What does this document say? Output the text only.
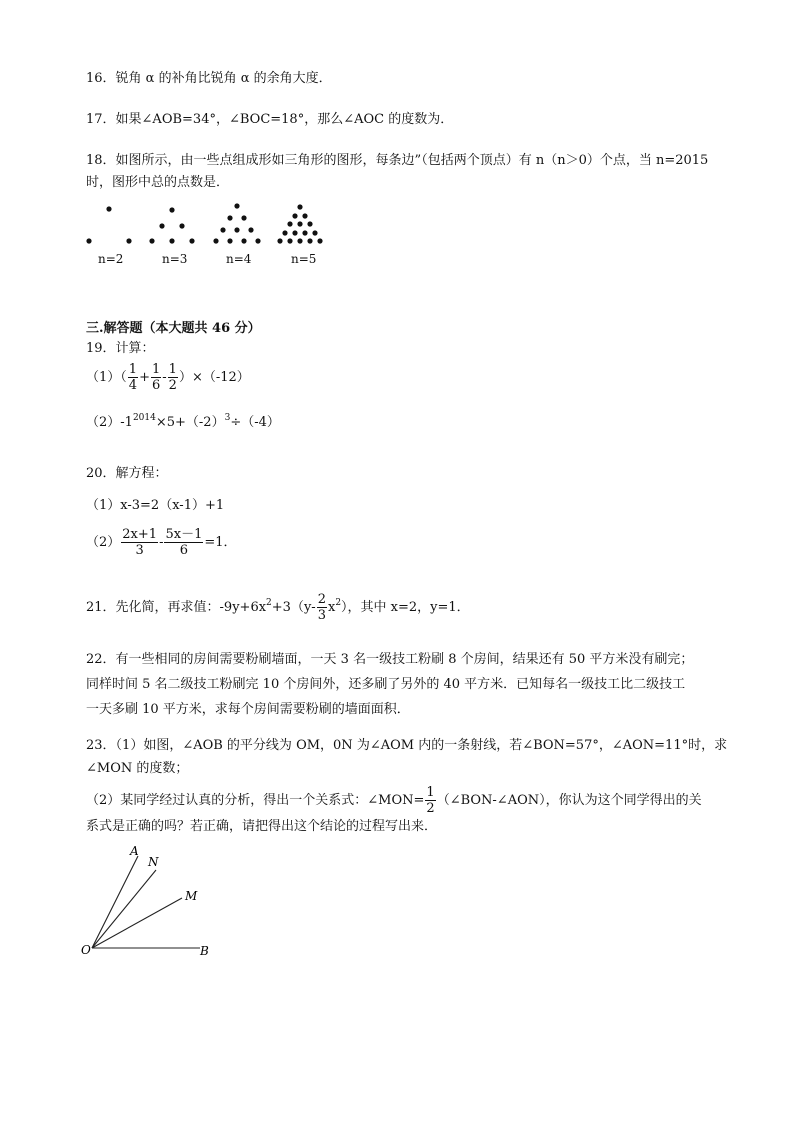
16．锐角 α 的补角比锐角 α 的余角大度．
17．如果∠AOB=34°，∠BOC=18°，那么∠AOC 的度数为．
18．如图所示，由一些点组成形如三角形的图形，每条边”（包括两个顶点）有 n（n＞0）个点，当 n=2015
时，图形中总的点数是．
n=2	n=3	n=4	n=5
三.解答题（本大题共 46 分）
19．计算：
$(1)( \frac{1}{4} + \frac{1}{6} - \frac{1}{2} )\times(-12)$
$(2)-1^{2014}\times 5+(-2)^3\div(-4)$
20．解方程：
（1）x-3=2（x-1）+1
$(2) \frac{2x+1}{3} - \frac{5x-1}{6} =1$．
21．先化简，再求值：$-9y+6x^2+3(y- \frac{2}{3} x^2)$，其中 x=2，y=1．
22．有一些相同的房间需要粉刷墙面，一天 3 名一级技工粉刷 8 个房间，结果还有 50 平方米没有刷完；
同样时间 5 名二级技工粉刷完 10 个房间外，还多刷了另外的 40 平方米．已知每名一级技工比二级技工
一天多刷 10 平方米，求每个房间需要粉刷的墙面面积．
23．（1）如图，∠AOB 的平分线为 OM，0N 为∠AOM 内的一条射线，若∠BON=57°，∠AON=11°时，求
∠MON 的度数；
（2）某同学经过认真的分析，得出一个关系式：∠MON= $\frac{1}{2}$ （∠BON-∠AON），你认为这个同学得出的关
系式是正确的吗？若正确，请把得出这个结论的过程写出来．
A
N
M
O	B
